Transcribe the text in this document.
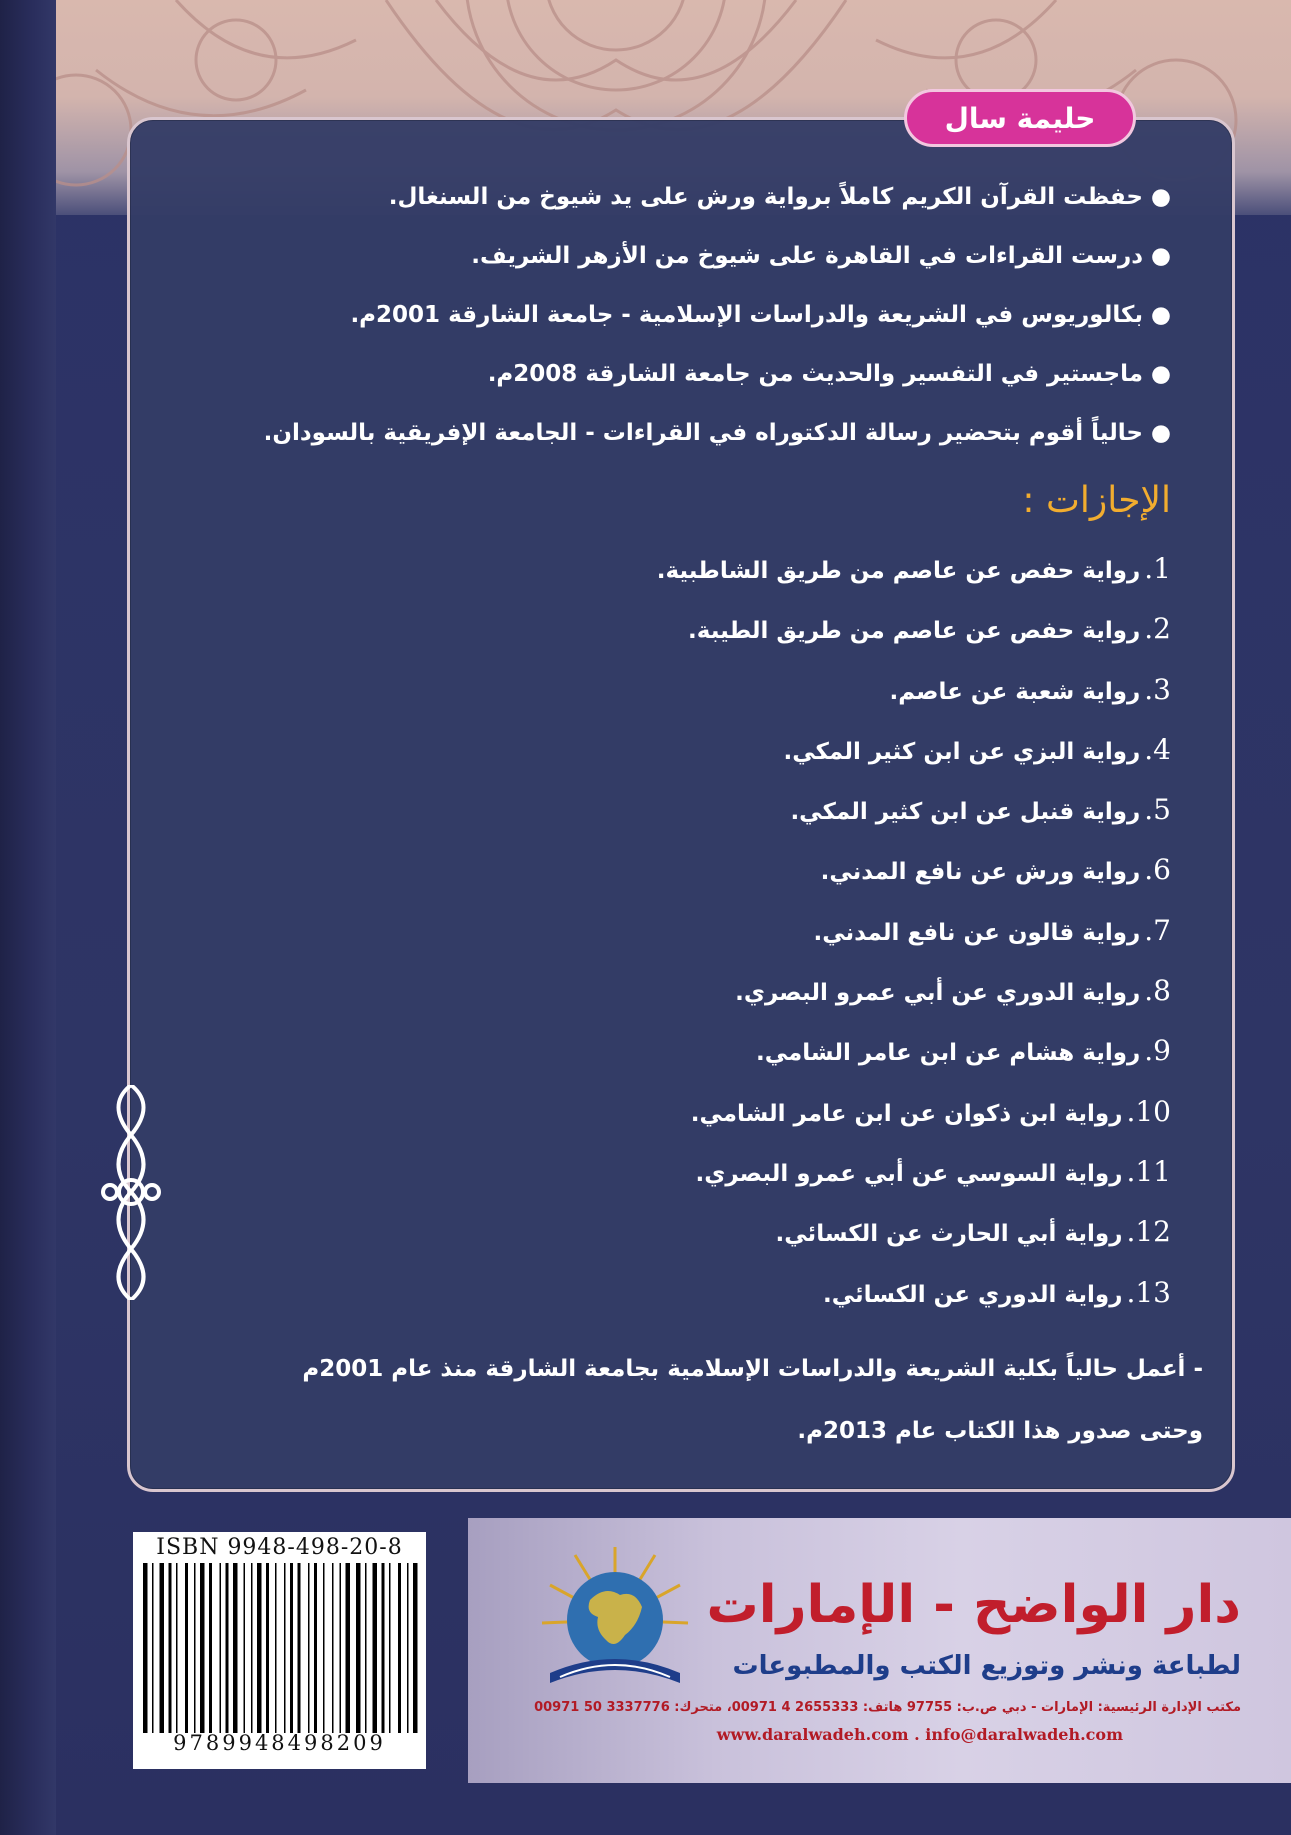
حليمة سال
●حفظت القرآن الكريم كاملاً برواية ورش على يد شيوخ من السنغال.
●درست القراءات في القاهرة على شيوخ من الأزهر الشريف.
●بكالوريوس في الشريعة والدراسات الإسلامية - جامعة الشارقة 2001م.
●ماجستير في التفسير والحديث من جامعة الشارقة 2008م.
●حالياً أقوم بتحضير رسالة الدكتوراه في القراءات - الجامعة الإفريقية بالسودان.
الإجازات :
1.رواية حفص عن عاصم من طريق الشاطبية.
2.رواية حفص عن عاصم من طريق الطيبة.
3.رواية شعبة عن عاصم.
4.رواية البزي عن ابن كثير المكي.
5.رواية قنبل عن ابن كثير المكي.
6.رواية ورش عن نافع المدني.
7.رواية قالون عن نافع المدني.
8.رواية الدوري عن أبي عمرو البصري.
9.رواية هشام عن ابن عامر الشامي.
10.رواية ابن ذكوان عن ابن عامر الشامي.
11.رواية السوسي عن أبي عمرو البصري.
12.رواية أبي الحارث عن الكسائي.
13.رواية الدوري عن الكسائي.
- أعمل حالياً بكلية الشريعة والدراسات الإسلامية بجامعة الشارقة منذ عام 2001م
وحتى صدور هذا الكتاب عام 2013م.
ISBN 9948-498-20-8
9789948498209
دار الواضح - الإمارات
لطباعة ونشر وتوزيع الكتب والمطبوعات
مكتب الإدارة الرئيسية: الإمارات - دبي ص.ب: 97755 هاتف: 2655333 4 00971، متحرك: 3337776 50 00971
www.daralwadeh.com . info@daralwadeh.com
